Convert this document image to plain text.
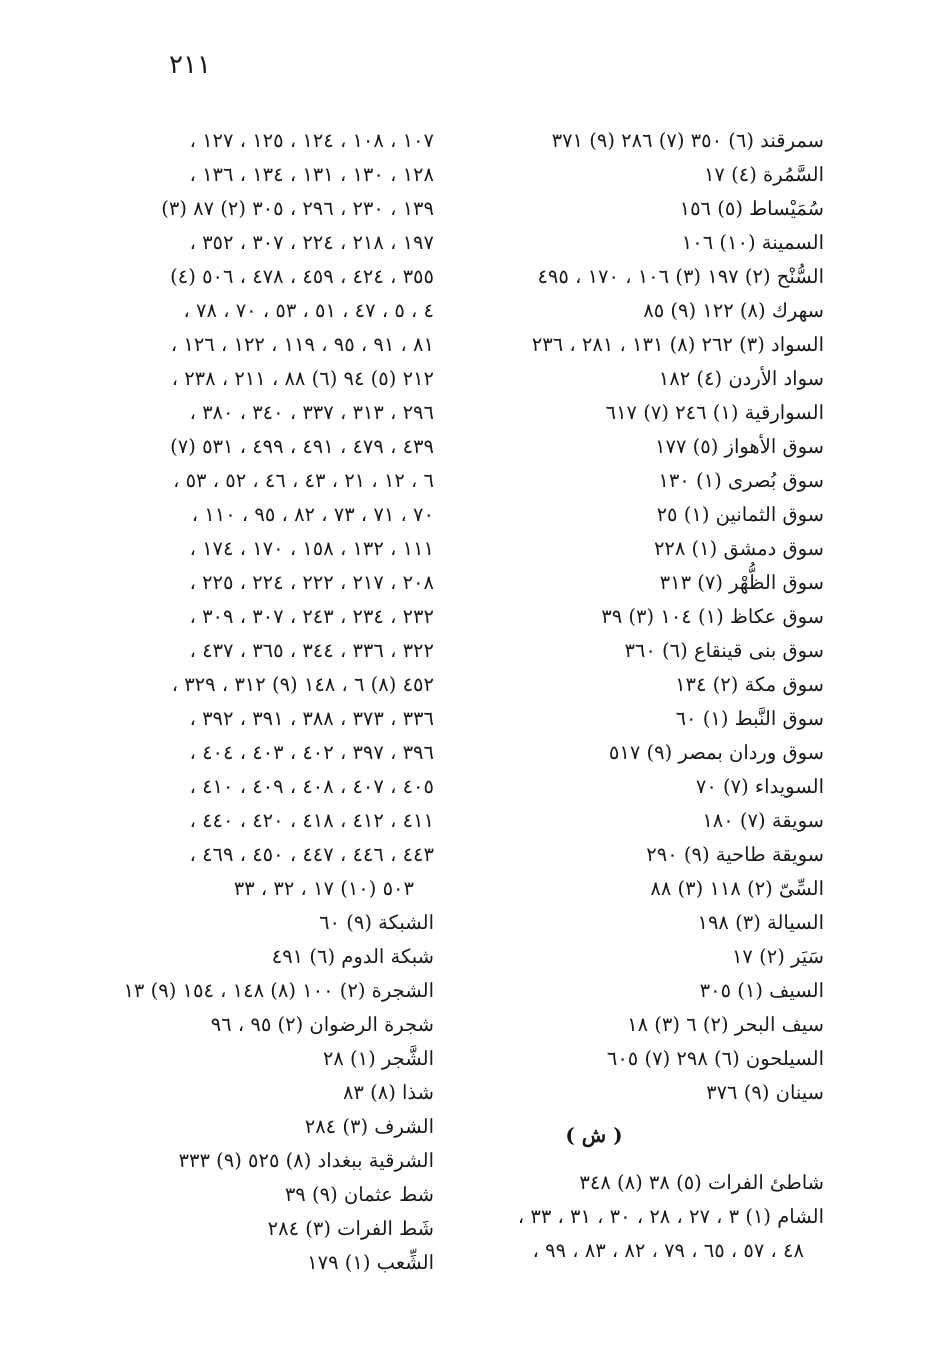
٢١١
سمرقند (٦) ٣٥٠ (٧) ٢٨٦ (٩) ٣٧١
السَّمُرة (٤) ١٧
سُمَيْساط (٥) ١٥٦
السمينة (١٠) ١٠٦
السُّنْح (٢) ١٩٧ (٣) ١٠٦ ، ١٧٠ ، ٤٩٥
سهرك (٨) ١٢٢ (٩) ٨٥
السواد (٣) ٢٦٢ (٨) ١٣١ ، ٢٨١ ، ٢٣٦
سواد الأردن (٤) ١٨٢
السوارقية (١) ٢٤٦ (٧) ٦١٧
سوق الأهواز (٥) ١٧٧
سوق بُصرى (١) ١٣٠
سوق الثمانين (١) ٢٥
سوق دمشق (١) ٢٢٨
سوق الظُّهْر (٧) ٣١٣
سوق عكاظ (١) ١٠٤ (٣) ٣٩
سوق بنى قينقاع (٦) ٣٦٠
سوق مكة (٢) ١٣٤
سوق النَّبط (١) ٦٠
سوق وردان بمصر (٩) ٥١٧
السويداء (٧) ٧٠
سويقة (٧) ١٨٠
سويقة طاحية (٩) ٢٩٠
السِّىّ (٢) ١١٨ (٣) ٨٨
السيالة (٣) ١٩٨
سَيَر (٢) ١٧
السيف (١) ٣٠٥
سيف البحر (٢) ٦ (٣) ١٨
السيلحون (٦) ٢٩٨ (٧) ٦٠٥
سينان (٩) ٣٧٦
( ش )
شاطئ الفرات (٥) ٣٨ (٨) ٣٤٨
الشام (١) ٣ ، ٢٧ ، ٢٨ ، ٣٠ ، ٣١ ، ٣٣ ،
٤٨ ، ٥٧ ، ٦٥ ، ٧٩ ، ٨٢ ، ٨٣ ، ٩٩ ،
١٠٧ ، ١٠٨ ، ١٢٤ ، ١٢٥ ، ١٢٧ ،
١٢٨ ، ١٣٠ ، ١٣١ ، ١٣٤ ، ١٣٦ ،
١٣٩ ، ٢٣٠ ، ٢٩٦ ، ٣٠٥ (٢) ٨٧ (٣)
١٩٧ ، ٢١٨ ، ٢٢٤ ، ٣٠٧ ، ٣٥٢ ،
٣٥٥ ، ٤٢٤ ، ٤٥٩ ، ٤٧٨ ، ٥٠٦ (٤)
٤ ، ٥ ، ٤٧ ، ٥١ ، ٥٣ ، ٧٠ ، ٧٨ ،
٨١ ، ٩١ ، ٩٥ ، ١١٩ ، ١٢٢ ، ١٢٦ ،
٢١٢ (٥) ٩٤ (٦) ٨٨ ، ٢١١ ، ٢٣٨ ،
٢٩٦ ، ٣١٣ ، ٣٣٧ ، ٣٤٠ ، ٣٨٠ ،
٤٣٩ ، ٤٧٩ ، ٤٩١ ، ٤٩٩ ، ٥٣١ (٧)
٦ ، ١٢ ، ٢١ ، ٤٣ ، ٤٦ ، ٥٢ ، ٥٣ ،
٧٠ ، ٧١ ، ٧٣ ، ٨٢ ، ٩٥ ، ١١٠ ،
١١١ ، ١٣٢ ، ١٥٨ ، ١٧٠ ، ١٧٤ ،
٢٠٨ ، ٢١٧ ، ٢٢٢ ، ٢٢٤ ، ٢٢٥ ،
٢٣٢ ، ٢٣٤ ، ٢٤٣ ، ٣٠٧ ، ٣٠٩ ،
٣٢٢ ، ٣٣٦ ، ٣٤٤ ، ٣٦٥ ، ٤٣٧ ،
٤٥٢ (٨) ٦ ، ١٤٨ (٩) ٣١٢ ، ٣٢٩ ،
٣٣٦ ، ٣٧٣ ، ٣٨٨ ، ٣٩١ ، ٣٩٢ ،
٣٩٦ ، ٣٩٧ ، ٤٠٢ ، ٤٠٣ ، ٤٠٤ ،
٤٠٥ ، ٤٠٧ ، ٤٠٨ ، ٤٠٩ ، ٤١٠ ،
٤١١ ، ٤١٢ ، ٤١٨ ، ٤٢٠ ، ٤٤٠ ،
٤٤٣ ، ٤٤٦ ، ٤٤٧ ، ٤٥٠ ، ٤٦٩ ،
٥٠٣ (١٠) ١٧ ، ٣٢ ، ٣٣
الشبكة (٩) ٦٠
شبكة الدوم (٦) ٤٩١
الشجرة (٢) ١٠٠ (٨) ١٤٨ ، ١٥٤ (٩) ١٣
شجرة الرضوان (٢) ٩٥ ، ٩٦
الشَّجر (١) ٢٨
شذا (٨) ٨٣
الشرف (٣) ٢٨٤
الشرقية ببغداد (٨) ٥٢٥ (٩) ٣٣٣
شط عثمان (٩) ٣٩
شَط الفرات (٣) ٢٨٤
الشِّعب (١) ١٧٩
